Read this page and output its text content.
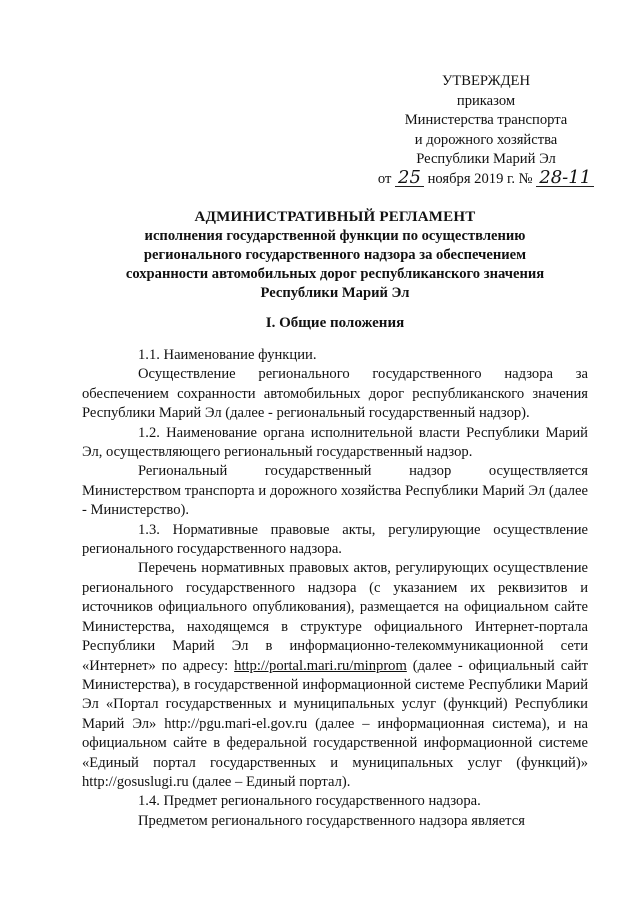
УТВЕРЖДЕН
приказом
Министерства транспорта
и дорожного хозяйства
Республики Марий Эл
от 25 ноября 2019 г. № 28-11
АДМИНИСТРАТИВНЫЙ РЕГЛАМЕНТ
исполнения государственной функции по осуществлению
регионального государственного надзора за обеспечением
сохранности автомобильных дорог республиканского значения
Республики Марий Эл
I. Общие положения

1.1. Наименование функции.

Осуществление регионального государственного надзора за обеспечением сохранности автомобильных дорог республиканского значения Республики Марий Эл (далее - региональный государственный надзор).

1.2. Наименование органа исполнительной власти Республики Марий Эл, осуществляющего региональный государственный надзор.

Региональный государственный надзор осуществляется Министерством транспорта и дорожного хозяйства Республики Марий Эл (далее - Министерство).

1.3. Нормативные правовые акты, регулирующие осуществление регионального государственного надзора.

Перечень нормативных правовых актов, регулирующих осуществление регионального государственного надзора (с указанием их реквизитов и источников официального опубликования), размещается на официальном сайте Министерства, находящемся в структуре официального Интернет-портала Республики Марий Эл в информационно-телекоммуникационной сети «Интернет» по адресу: http://portal.mari.ru/minprom (далее - официальный сайт Министерства), в государственной информационной системе Республики Марий Эл «Портал государственных и муниципальных услуг (функций) Республики Марий Эл» http://pgu.mari-el.gov.ru (далее – информационная система), и на официальном сайте в федеральной государственной информационной системе «Единый портал государственных и муниципальных услуг (функций)» http://gosuslugi.ru (далее – Единый портал).

1.4. Предмет регионального государственного надзора.

Предметом регионального государственного надзора является
